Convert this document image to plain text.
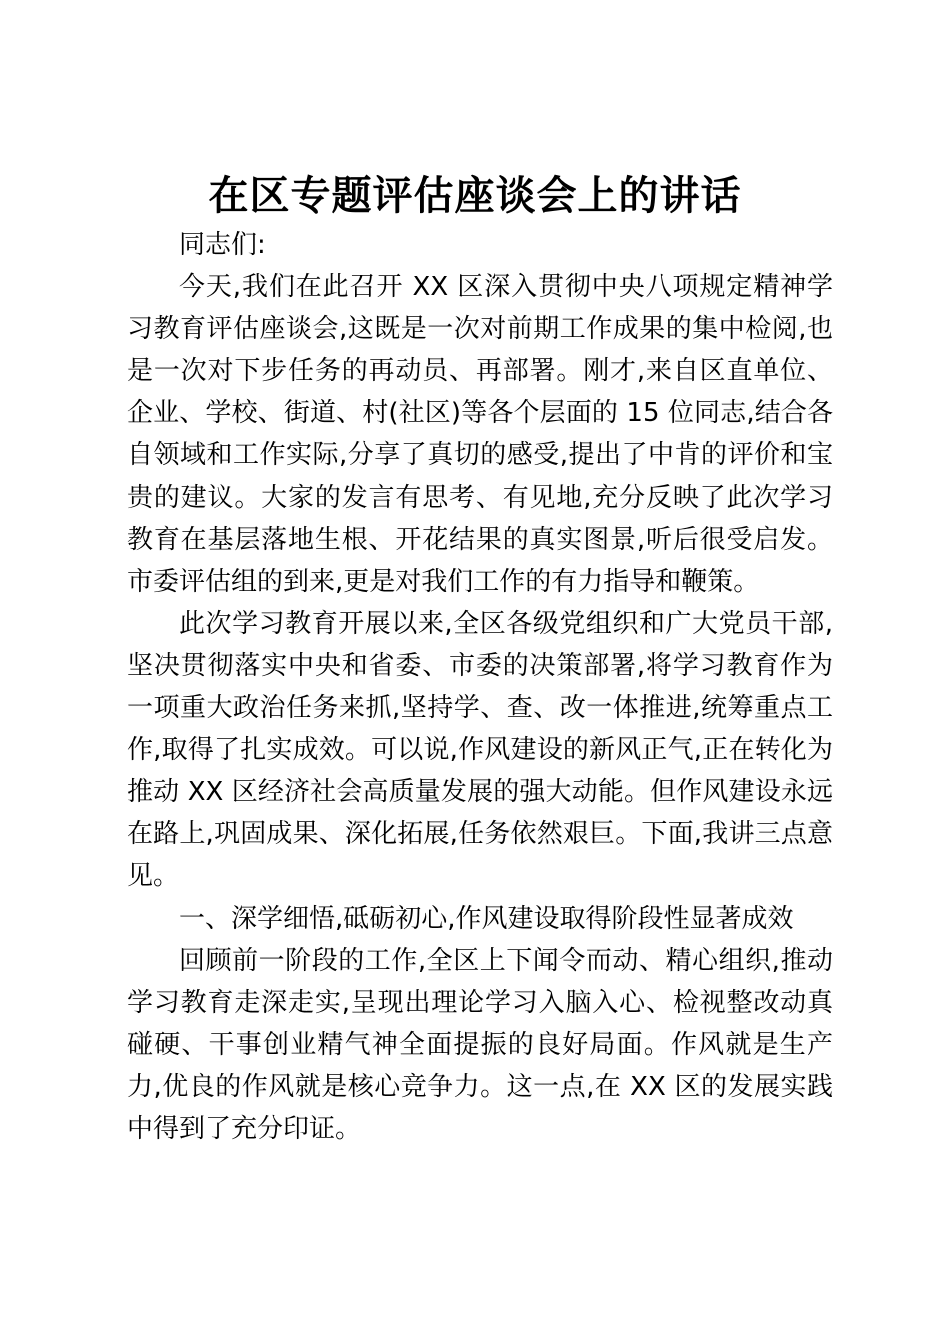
在区专题评估座谈会上的讲话

同志们:

今天,我们在此召开 XX 区深入贯彻中央八项规定精神学习教育评估座谈会,这既是一次对前期工作成果的集中检阅,也是一次对下步任务的再动员、再部署。刚才,来自区直单位、企业、学校、街道、村(社区)等各个层面的 15 位同志,结合各自领域和工作实际,分享了真切的感受,提出了中肯的评价和宝贵的建议。大家的发言有思考、有见地,充分反映了此次学习教育在基层落地生根、开花结果的真实图景,听后很受启发。市委评估组的到来,更是对我们工作的有力指导和鞭策。

此次学习教育开展以来,全区各级党组织和广大党员干部,坚决贯彻落实中央和省委、市委的决策部署,将学习教育作为一项重大政治任务来抓,坚持学、查、改一体推进,统筹重点工作,取得了扎实成效。可以说,作风建设的新风正气,正在转化为推动 XX 区经济社会高质量发展的强大动能。但作风建设永远在路上,巩固成果、深化拓展,任务依然艰巨。下面,我讲三点意见。

一、深学细悟,砥砺初心,作风建设取得阶段性显著成效

回顾前一阶段的工作,全区上下闻令而动、精心组织,推动学习教育走深走实,呈现出理论学习入脑入心、检视整改动真碰硬、干事创业精气神全面提振的良好局面。作风就是生产力,优良的作风就是核心竞争力。这一点,在 XX 区的发展实践中得到了充分印证。
